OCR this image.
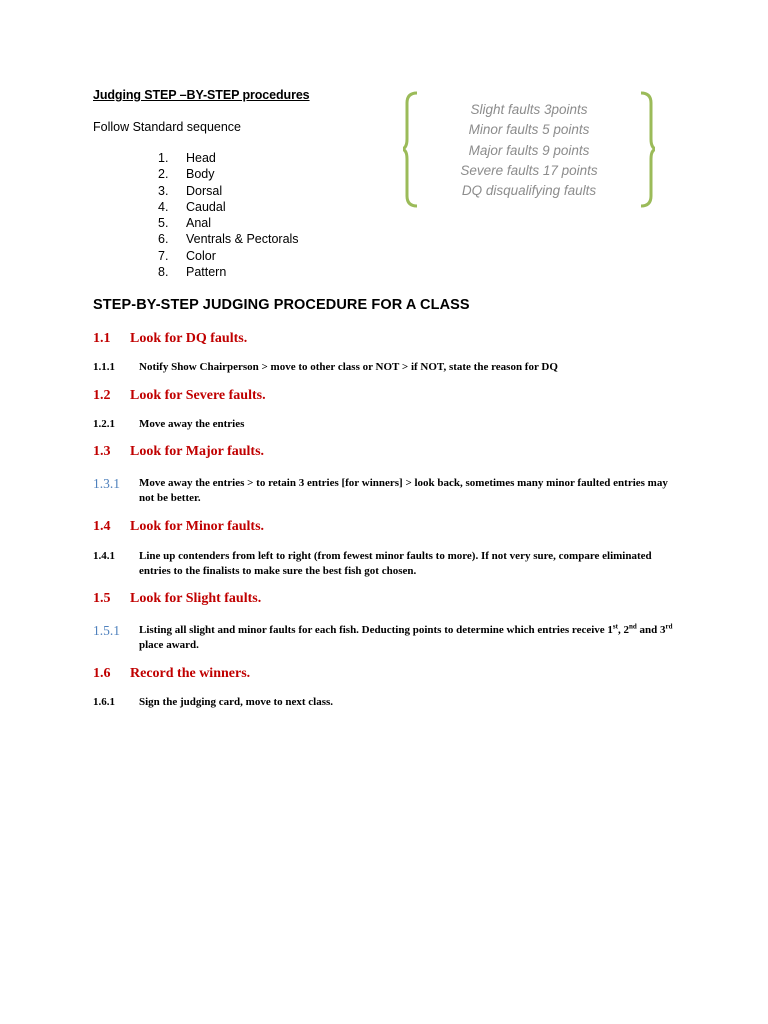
Judging STEP –BY-STEP procedures
Follow Standard sequence
1.	Head
2.	Body
3.	Dorsal
4.	Caudal
5.	Anal
6.	Ventrals & Pectorals
7.	Color
8.	Pattern
Slight faults 3points
Minor faults 5 points
Major faults 9 points
Severe faults 17 points
DQ disqualifying faults
STEP-BY-STEP JUDGING PROCEDURE FOR A CLASS
1.1	Look for DQ faults.
1.1.1	Notify Show Chairperson > move to other class or NOT > if NOT, state the reason for DQ
1.2	Look for Severe faults.
1.2.1	Move away the entries
1.3	Look for Major faults.
1.3.1	Move away the entries > to retain 3 entries [for winners] > look back, sometimes many minor faulted entries may not be better.
1.4	Look for Minor faults.
1.4.1	Line up contenders from left to right (from fewest minor faults to more). If not very sure, compare eliminated entries to the finalists to make sure the best fish got chosen.
1.5	Look for Slight faults.
1.5.1	Listing all slight and minor faults for each fish. Deducting points to determine which entries receive 1st, 2nd and 3rd place award.
1.6	Record the winners.
1.6.1	Sign the judging card, move to next class.
